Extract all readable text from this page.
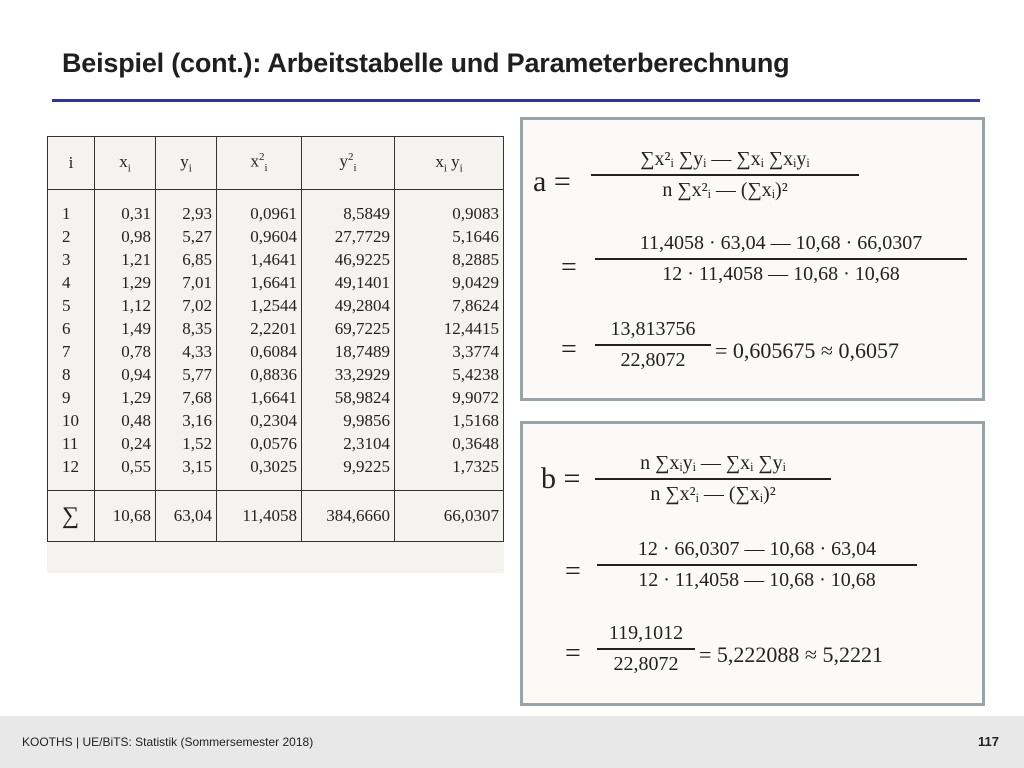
Beispiel (cont.): Arbeitstabelle und Parameterberechnung
i	$x_i$	$y_i$	$x^2_i$	$y^2_i$	$x_i$ $y_i$
1	0,31	2,93	0,0961	8,5849	0,9083
2	0,98	5,27	0,9604	27,7729	5,1646
3	1,21	6,85	1,4641	46,9225	8,2885
4	1,29	7,01	1,6641	49,1401	9,0429
5	1,12	7,02	1,2544	49,2804	7,8624
6	1,49	8,35	2,2201	69,7225	12,4415
7	0,78	4,33	0,6084	18,7489	3,3774
8	0,94	5,77	0,8836	33,2929	5,4238
9	1,29	7,68	1,6641	58,9824	9,9072
10	0,48	3,16	0,2304	9,9856	1,5168
11	0,24	1,52	0,0576	2,3104	0,3648
12	0,55	3,15	0,3025	9,9225	1,7325
∑	10,68	63,04	11,4058	384,6660	66,0307
a =
∑x²ᵢ ∑yᵢ — ∑xᵢ ∑xᵢyᵢ
n ∑x²ᵢ — (∑xᵢ)²
=
11,4058 · 63,04 — 10,68 · 66,0307
12 · 11,4058 — 10,68 · 10,68
=
13,813756
22,8072	= 0,605675 ≈ 0,6057
b =	n ∑xᵢyᵢ — ∑xᵢ ∑yᵢ
n ∑x²ᵢ — (∑xᵢ)²
=
12 · 66,0307 — 10,68 · 63,04
12 · 11,4058 — 10,68 · 10,68
=
119,1012
22,8072 = 5,222088 ≈ 5,2221
KOOTHS | UE/BiTS: Statistik (Sommersemester 2018)	117
